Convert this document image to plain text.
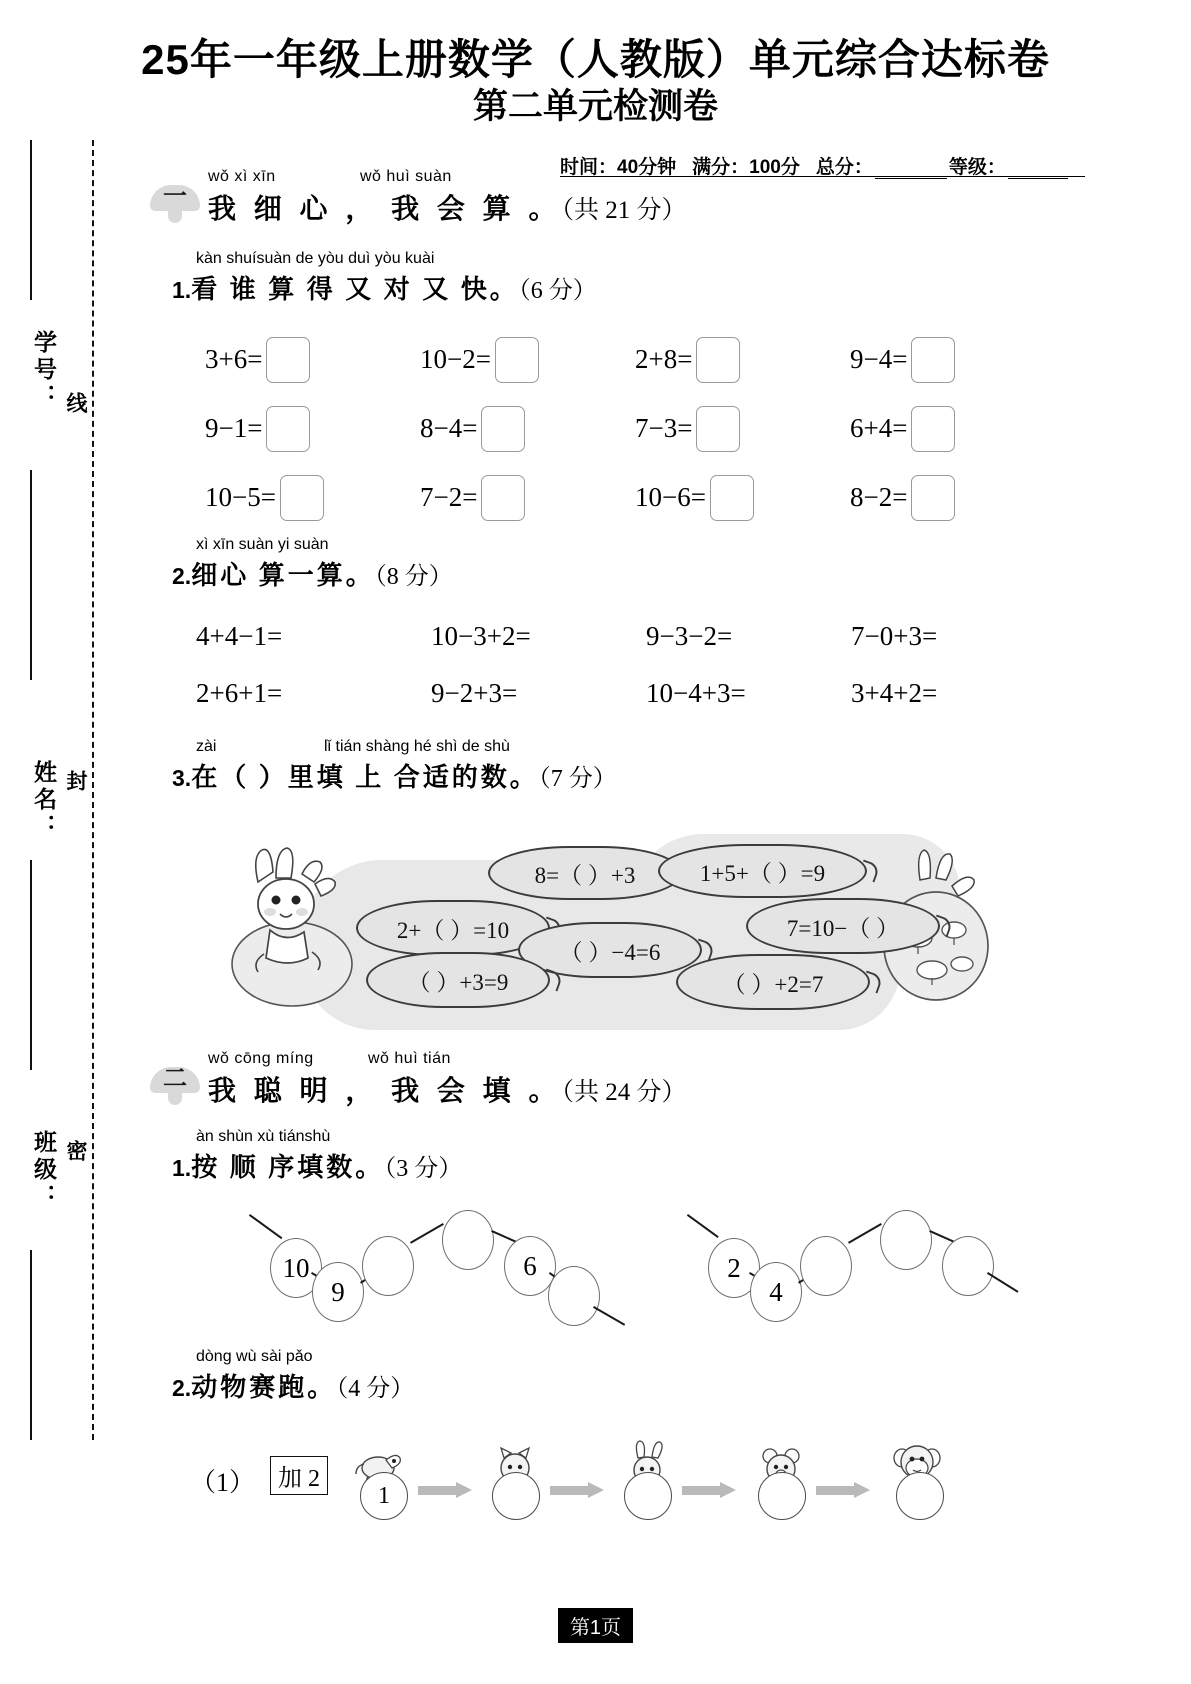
25年一年级上册数学（人教版）单元综合达标卷
第二单元检测卷
时间：40分钟 满分：100分 总分：	等级：
学号：
姓名：
班级：
线
封
密
一
wǒ xì xīn	wǒ huì suàn
我 细 心 ， 我 会 算 。（共 21 分）
kàn shuísuàn de yòu duì yòu kuài
1.看 谁 算 得 又 对 又 快。（6 分）
3+6=	10−2=	2+8=	9−4=
9−1=	8−4=	7−3=	6+4=
10−5=	7−2=	10−6=	8−2=
xì xīn suàn yi suàn
2.细心 算一算。（8 分）
4+4−1=	10−3+2=	9−3−2=	7−0+3=
2+6+1=	9−2+3=	10−4+3=	3+4+2=
zài	lǐ tián shàng hé shì de shù
3.在（ ）里填 上 合适的数。（7 分）
8=（ ）+3	1+5+（ ）=9
2+（ ）=10	7=10−（ ）
（ ）−4=6
（ ）+3=9	（ ）+2=7
二
wǒ cōng míng	wǒ huì tián
我 聪 明 ， 我 会 填 。（共 24 分）
àn shùn xù tiánshù
1.按 顺 序填数。（3 分）
10
9
6	2
4
dòng wù sài pǎo
2.动物赛跑。（4 分）
（1） 加 2
1
第1页
